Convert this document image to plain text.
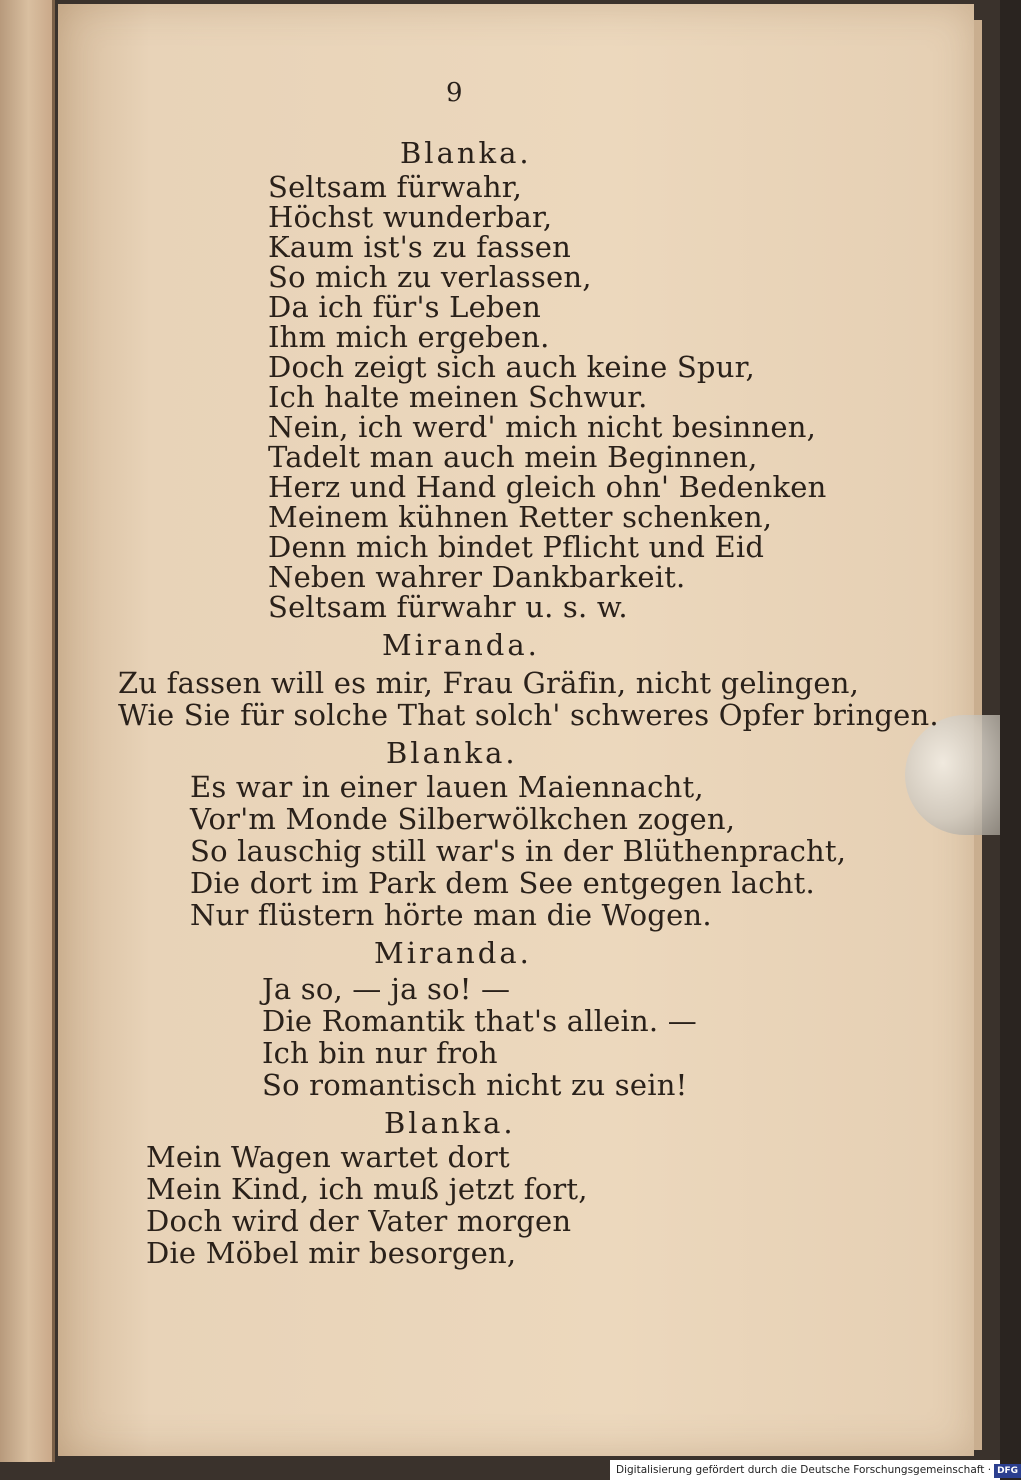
9

Blanka.

Seltsam fürwahr,

Höchst wunderbar,

Kaum ist's zu fassen

So mich zu verlassen,

Da ich für's Leben

Ihm mich ergeben.

Doch zeigt sich auch keine Spur,

Ich halte meinen Schwur.

Nein, ich werd' mich nicht besinnen,

Tadelt man auch mein Beginnen,

Herz und Hand gleich ohn' Bedenken

Meinem kühnen Retter schenken,

Denn mich bindet Pflicht und Eid

Neben wahrer Dankbarkeit.

Seltsam fürwahr u. s. w.

Miranda.

Zu fassen will es mir, Frau Gräfin, nicht gelingen,

Wie Sie für solche That solch' schweres Opfer bringen.

Blanka.

Es war in einer lauen Maiennacht,

Vor'm Monde Silberwölkchen zogen,

So lauschig still war's in der Blüthenpracht,

Die dort im Park dem See entgegen lacht.

Nur flüstern hörte man die Wogen.

Miranda.

Ja so, — ja so! —

Die Romantik that's allein. —

Ich bin nur froh

So romantisch nicht zu sein!

Blanka.

Mein Wagen wartet dort

Mein Kind, ich muß jetzt fort,

Doch wird der Vater morgen

Die Möbel mir besorgen,

Digitalisierung gefördert durch die Deutsche Forschungsgemeinschaft · DFG
